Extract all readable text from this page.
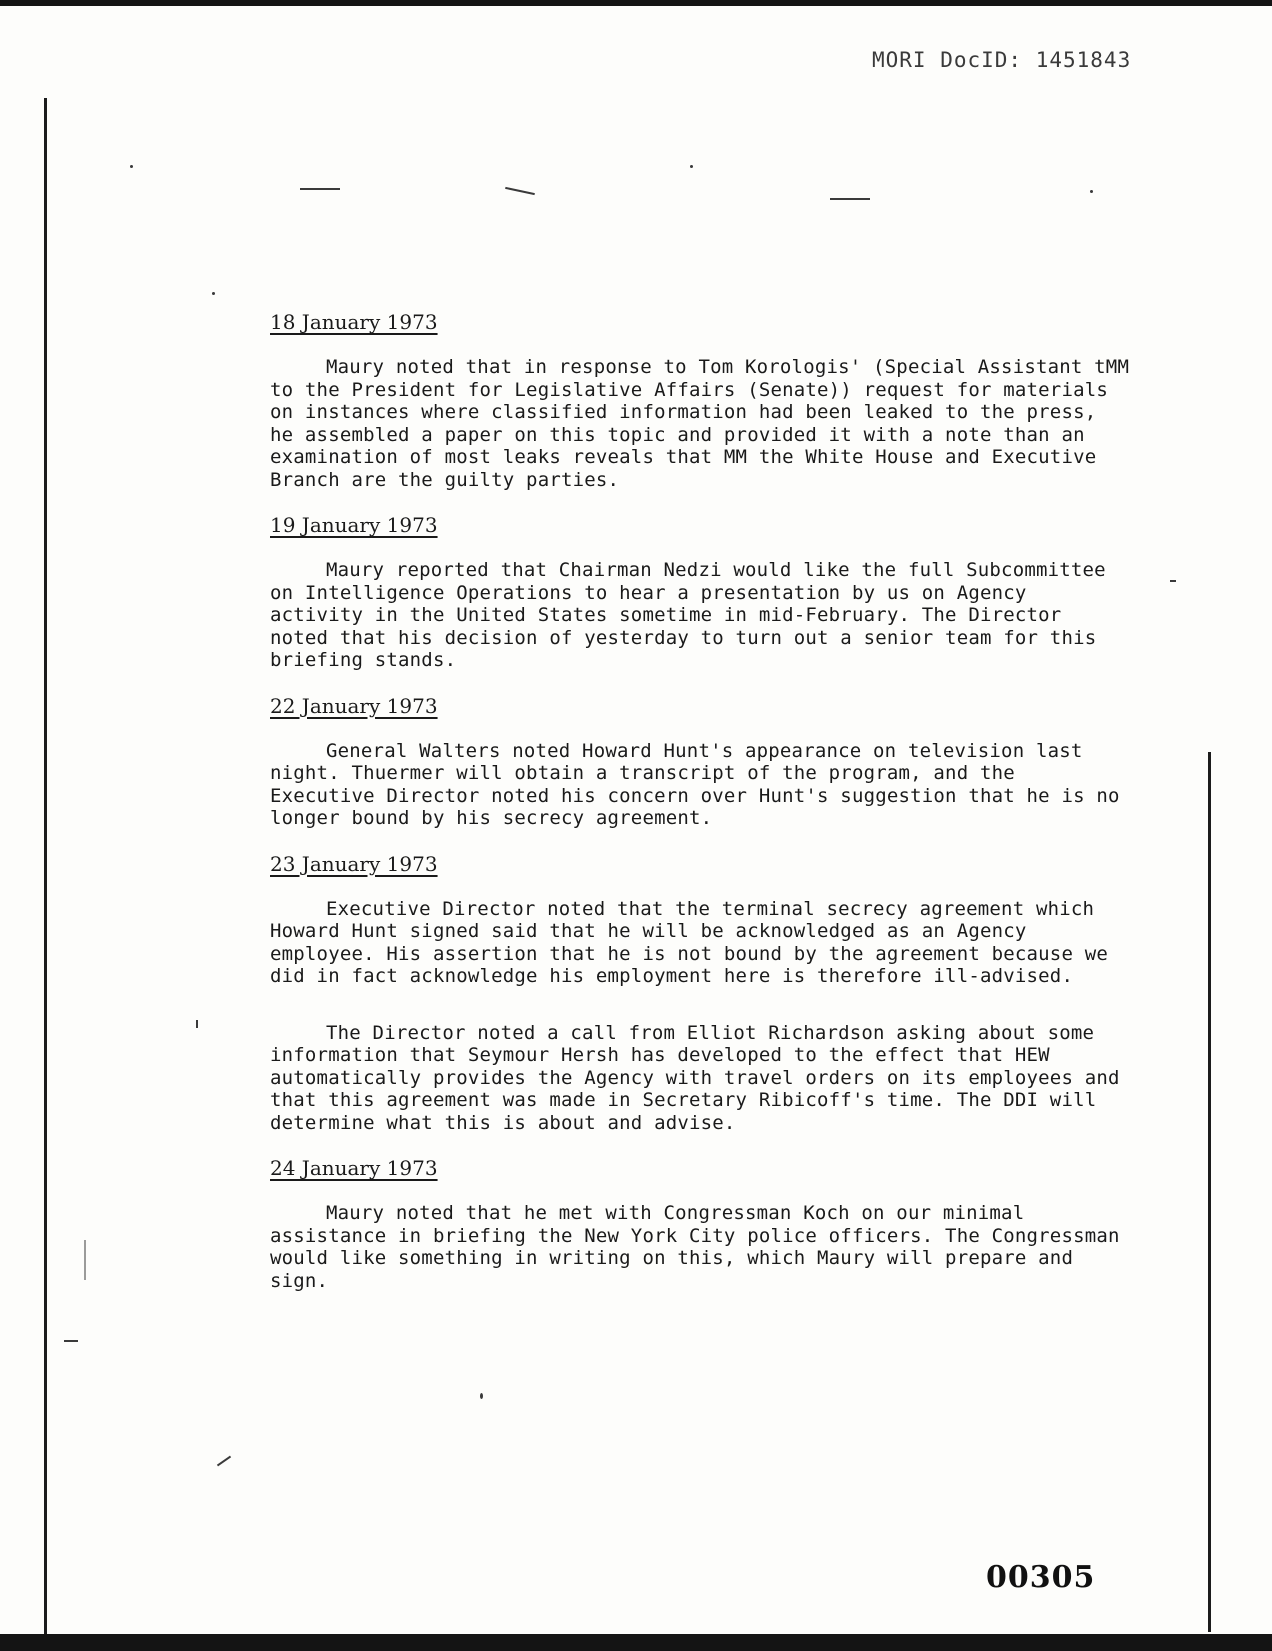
MORI DocID: 1451843
18 January 1973

Maury noted that in response to Tom Korologis' (Special Assistant tMM to the President for Legislative Affairs (Senate)) request for materials on instances where classified information had been leaked to the press, he assembled a paper on this topic and provided it with a note than an examination of most leaks reveals that MM the White House and Executive Branch are the guilty parties.

19 January 1973

Maury reported that Chairman Nedzi would like the full Subcommittee on Intelligence Operations to hear a presentation by us on Agency activity in the United States sometime in mid-February. The Director noted that his decision of yesterday to turn out a senior team for this briefing stands.

22 January 1973

General Walters noted Howard Hunt's appearance on television last night. Thuermer will obtain a transcript of the program, and the Executive Director noted his concern over Hunt's suggestion that he is no longer bound by his secrecy agreement.

23 January 1973

Executive Director noted that the terminal secrecy agreement which Howard Hunt signed said that he will be acknowledged as an Agency employee. His assertion that he is not bound by the agreement because we did in fact acknowledge his employment here is therefore ill-advised.

The Director noted a call from Elliot Richardson asking about some information that Seymour Hersh has developed to the effect that HEW automatically provides the Agency with travel orders on its employees and that this agreement was made in Secretary Ribicoff's time. The DDI will determine what this is about and advise.

24 January 1973

Maury noted that he met with Congressman Koch on our minimal assistance in briefing the New York City police officers. The Congressman would like something in writing on this, which Maury will prepare and sign.

00305
